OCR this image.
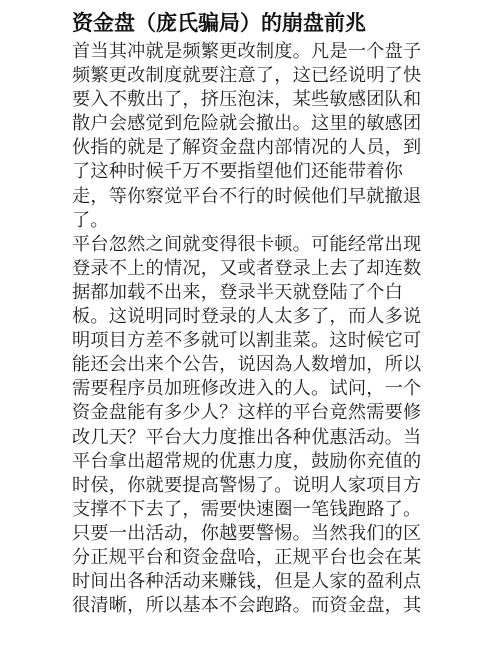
资金盘（庞氏骗局）的崩盘前兆
首当其冲就是频繁更改制度。凡是一个盘子
频繁更改制度就要注意了，这已经说明了快
要入不敷出了，挤压泡沫，某些敏感团队和
散户会感觉到危险就会撤出。这里的敏感团
伙指的就是了解资金盘内部情况的人员，到
了这种时候千万不要指望他们还能带着你
走，等你察觉平台不行的时候他们早就撤退
了。
平台忽然之间就变得很卡顿。可能经常出现
登录不上的情况，又或者登录上去了却连数
据都加载不出来，登录半天就登陆了个白
板。这说明同时登录的人太多了，而人多说
明项目方差不多就可以割韭菜。这时候它可
能还会出来个公告，说因為人数增加，所以
需要程序员加班修改进入的人。试问，一个
资金盘能有多少人？这样的平台竟然需要修
改几天？平台大力度推出各种优惠活动。当
平台拿出超常规的优惠力度，鼓励你充值的
时侯，你就要提高警惕了。说明人家项目方
支撑不下去了，需要快速圈一笔钱跑路了。
只要一出活动，你越要警惕。当然我们的区
分正规平台和资金盘哈，正规平台也会在某
时间出各种活动来赚钱，但是人家的盈利点
很清晰，所以基本不会跑路。而资金盘，其
